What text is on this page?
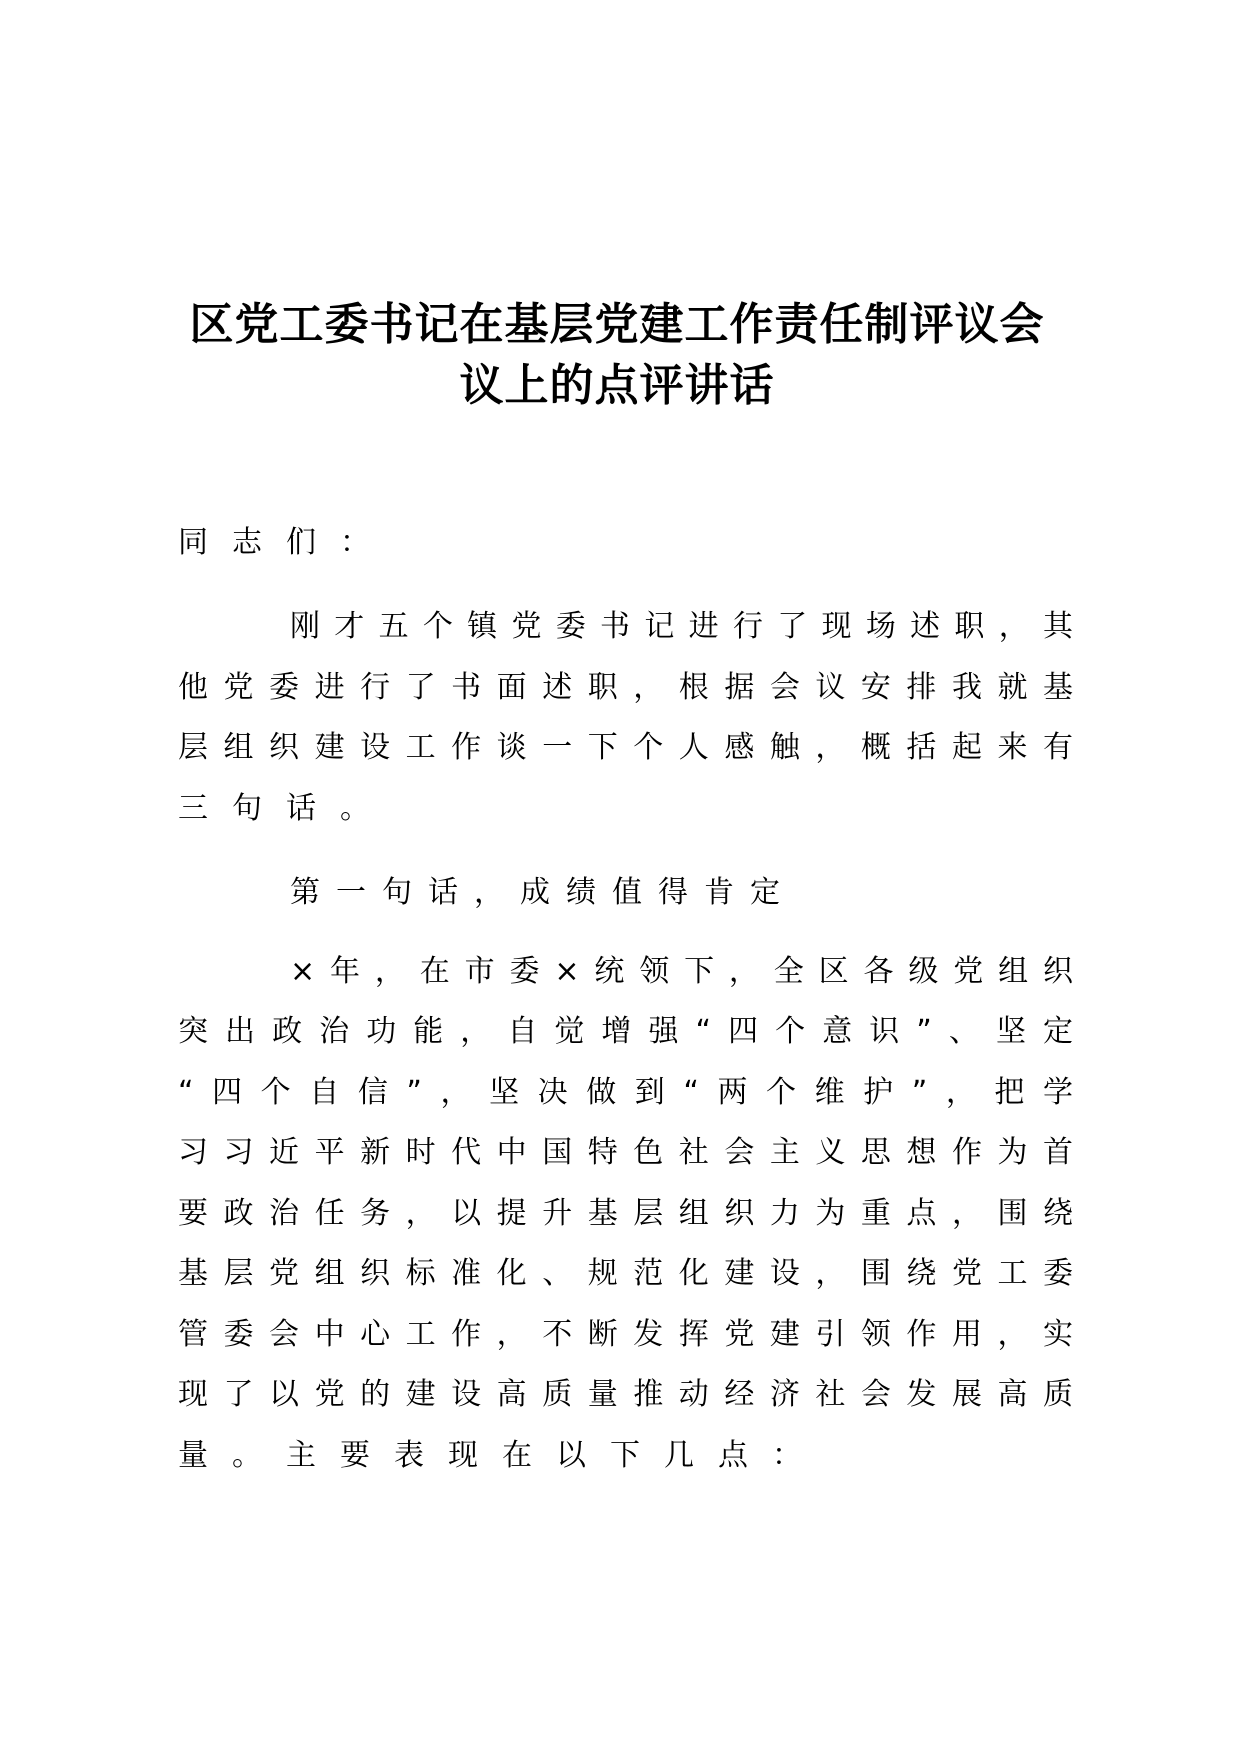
区党工委书记在基层党建工作责任制评议会
议上的点评讲话
同志们：
刚才五个镇党委书记进行了现场述职，其
他党委进行了书面述职，根据会议安排我就基
层组织建设工作谈一下个人感触，概括起来有
三句话。
第一句话，成绩值得肯定
×年，在市委×统领下，全区各级党组织
突出政治功能，自觉增强“四个意识”、坚定
“四个自信”，坚决做到“两个维护”，把学
习习近平新时代中国特色社会主义思想作为首
要政治任务，以提升基层组织力为重点，围绕
基层党组织标准化、规范化建设，围绕党工委
管委会中心工作，不断发挥党建引领作用，实
现了以党的建设高质量推动经济社会发展高质
量。主要表现在以下几点：
